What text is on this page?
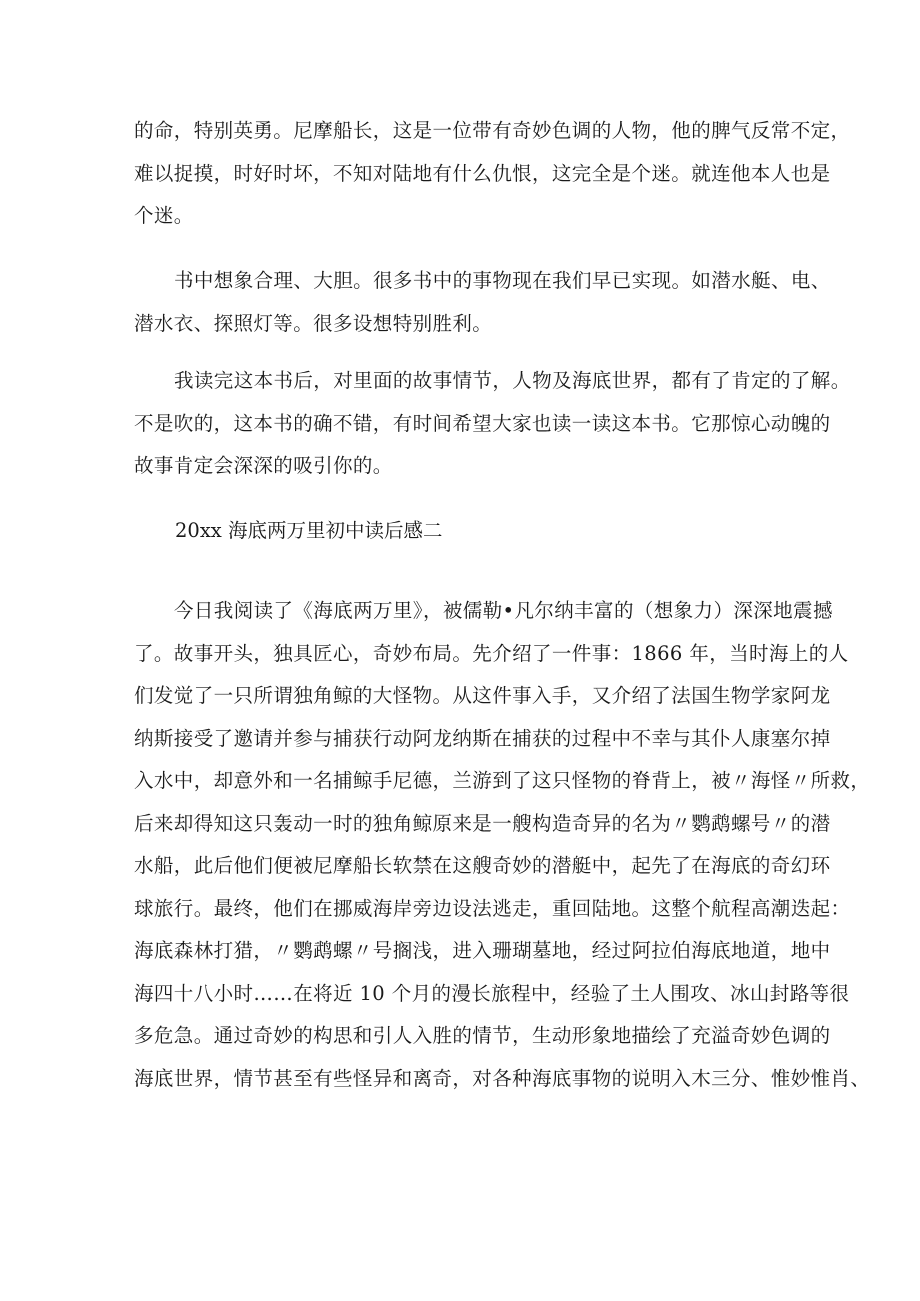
的命，特别英勇。尼摩船长，这是一位带有奇妙色调的人物，他的脾气反常不定，
难以捉摸，时好时坏，不知对陆地有什么仇恨，这完全是个迷。就连他本人也是
个迷。
书中想象合理、大胆。很多书中的事物现在我们早已实现。如潜水艇、电、
潜水衣、探照灯等。很多设想特别胜利。
我读完这本书后，对里面的故事情节，人物及海底世界，都有了肯定的了解。
不是吹的，这本书的确不错，有时间希望大家也读一读这本书。它那惊心动魄的
故事肯定会深深的吸引你的。
20xx 海底两万里初中读后感二
今日我阅读了《海底两万里》，被儒勒•凡尔纳丰富的（想象力）深深地震撼
了。故事开头，独具匠心，奇妙布局。先介绍了一件事：1866 年，当时海上的人
们发觉了一只所谓独角鲸的大怪物。从这件事入手，又介绍了法国生物学家阿龙
纳斯接受了邀请并参与捕获行动阿龙纳斯在捕获的过程中不幸与其仆人康塞尔掉
入水中，却意外和一名捕鲸手尼德，兰游到了这只怪物的脊背上，被〃海怪〃所救，
后来却得知这只轰动一时的独角鲸原来是一艘构造奇异的名为〃鹦鹉螺号〃的潜
水船，此后他们便被尼摩船长软禁在这艘奇妙的潜艇中，起先了在海底的奇幻环
球旅行。最终，他们在挪威海岸旁边设法逃走，重回陆地。这整个航程高潮迭起：
海底森林打猎，〃鹦鹉螺〃号搁浅，进入珊瑚墓地，经过阿拉伯海底地道，地中
海四十八小时……在将近 10 个月的漫长旅程中，经验了土人围攻、冰山封路等很
多危急。通过奇妙的构思和引人入胜的情节，生动形象地描绘了充溢奇妙色调的
海底世界，情节甚至有些怪异和离奇，对各种海底事物的说明入木三分、惟妙惟肖、
